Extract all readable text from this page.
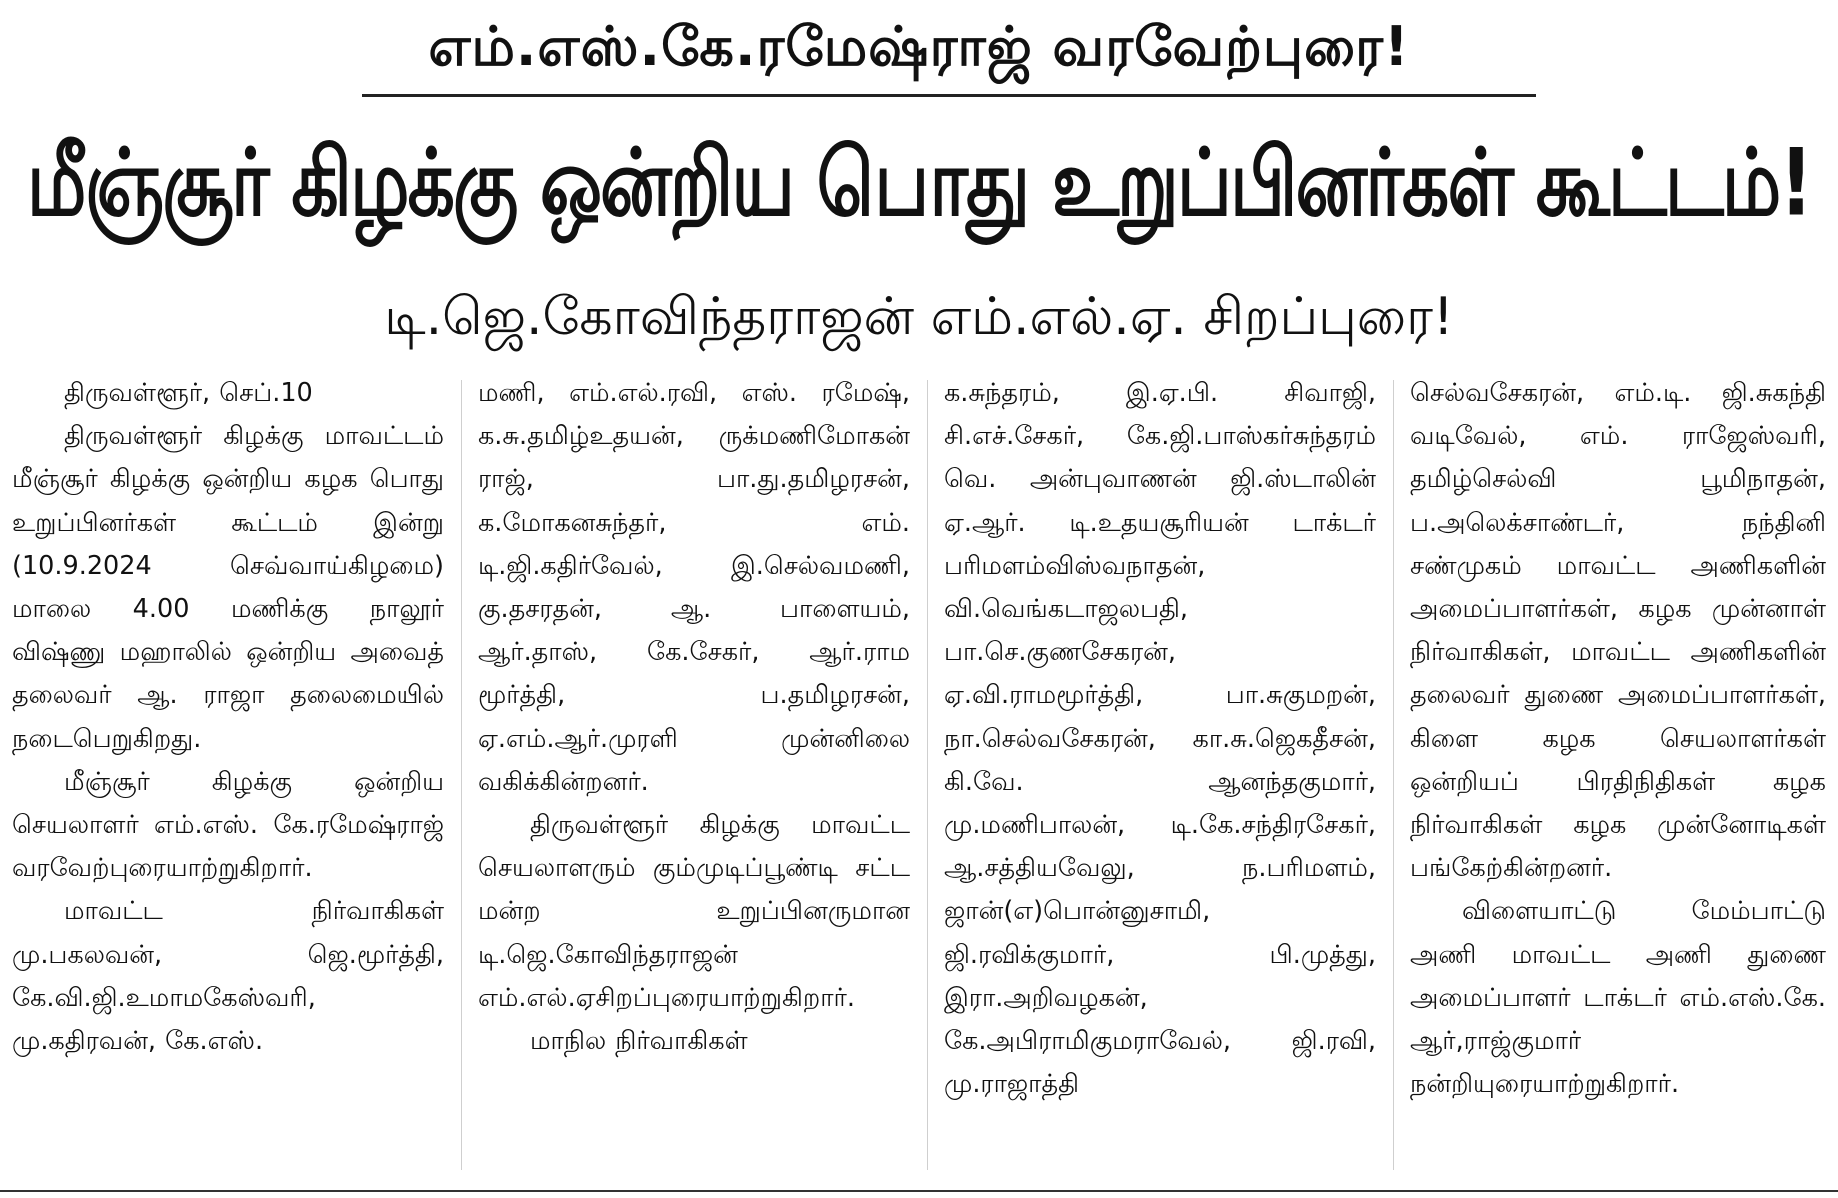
எம்.எஸ்.கே.ரமேஷ்ராஜ் வரவேற்புரை!
மீஞ்சூர் கிழக்கு ஒன்றிய பொது உறுப்பினர்கள் கூட்டம்!
டி.ஜெ.கோவிந்தராஜன் எம்.எல்.ஏ. சிறப்புரை!

திருவள்ளூர், செப்.10

திருவள்ளூர் கிழக்கு மாவட்டம் மீஞ்சூர் கிழக்கு ஒன்றிய கழக பொது உறுப்பினர்கள் கூட்டம் இன்று (10.9.2024 செவ்வாய்கிழமை) மாலை 4.00 மணிக்கு நாலூர் விஷ்ணு மஹாலில் ஒன்றிய அவைத் தலைவர் ஆ. ராஜா தலைமையில் நடைபெறுகிறது.

மீஞ்சூர் கிழக்கு ஒன்றிய செயலாளர் எம்.எஸ். கே.ரமேஷ்ராஜ் வரவேற்புரையாற்றுகிறார்.

மாவட்ட நிர்வாகிகள் மு.பகலவன், ஜெ.மூர்த்தி, கே.வி.ஜி.உமாமகேஸ்வரி, மு.கதிரவன், கே.எஸ்.

மணி, எம்.எல்.ரவி, எஸ். ரமேஷ், க.சு.தமிழ்உதயன், ருக்மணிமோகன் ராஜ், பா.து.தமிழரசன், க.மோகனசுந்தர், எம். டி.ஜி.கதிர்வேல், இ.செல்வமணி, கு.தசரதன், ஆ. பாளையம், ஆர்.தாஸ், கே.சேகர், ஆர்.ராம மூர்த்தி, ப.தமிழரசன், ஏ.எம்.ஆர்.முரளி முன்னிலை வகிக்கின்றனர்.

திருவள்ளூர் கிழக்கு மாவட்ட செயலாளரும் கும்முடிப்பூண்டி சட்ட மன்ற உறுப்பினருமான டி.ஜெ.கோவிந்தராஜன் எம்.எல்.ஏசிறப்புரையாற்றுகிறார்.

மாநில நிர்வாகிகள்

க.சுந்தரம், இ.ஏ.பி. சிவாஜி, சி.எச்.சேகர், கே.ஜி.பாஸ்கர்சுந்தரம் வெ. அன்புவாணன் ஜி.ஸ்டாலின் ஏ.ஆர். டி.உதயசூரியன் டாக்டர் பரிமளம்விஸ்வநாதன், வி.வெங்கடாஜலபதி, பா.செ.குணசேகரன், ஏ.வி.ராமமூர்த்தி, பா.சுகுமறன், நா.செல்வசேகரன், கா.சு.ஜெகதீசன், கி.வே. ஆனந்தகுமார், மு.மணிபாலன், டி.கே.சந்திரசேகர், ஆ.சத்தியவேலு, ந.பரிமளம், ஜான்(எ)பொன்னுசாமி, ஜி.ரவிக்குமார், பி.முத்து, இரா.அறிவழகன், கே.அபிராமிகுமராவேல், ஜி.ரவி, மு.ராஜாத்தி

செல்வசேகரன், எம்.டி. ஜி.சுகந்தி வடிவேல், எம். ராஜேஸ்வரி, தமிழ்செல்வி பூமிநாதன், ப.அலெக்சாண்டர், நந்தினி சண்முகம் மாவட்ட அணிகளின் அமைப்பாளர்கள், கழக முன்னாள் நிர்வாகிகள், மாவட்ட அணிகளின் தலைவர் துணை அமைப்பாளர்கள், கிளை கழக செயலாளர்கள் ஒன்றியப் பிரதிநிதிகள் கழக நிர்வாகிகள் கழக முன்னோடிகள் பங்கேற்கின்றனர்.

விளையாட்டு மேம்பாட்டு அணி மாவட்ட அணி துணை அமைப்பாளர் டாக்டர் எம்.எஸ்.கே. ஆர்,ராஜ்குமார் நன்றியுரையாற்றுகிறார்.
